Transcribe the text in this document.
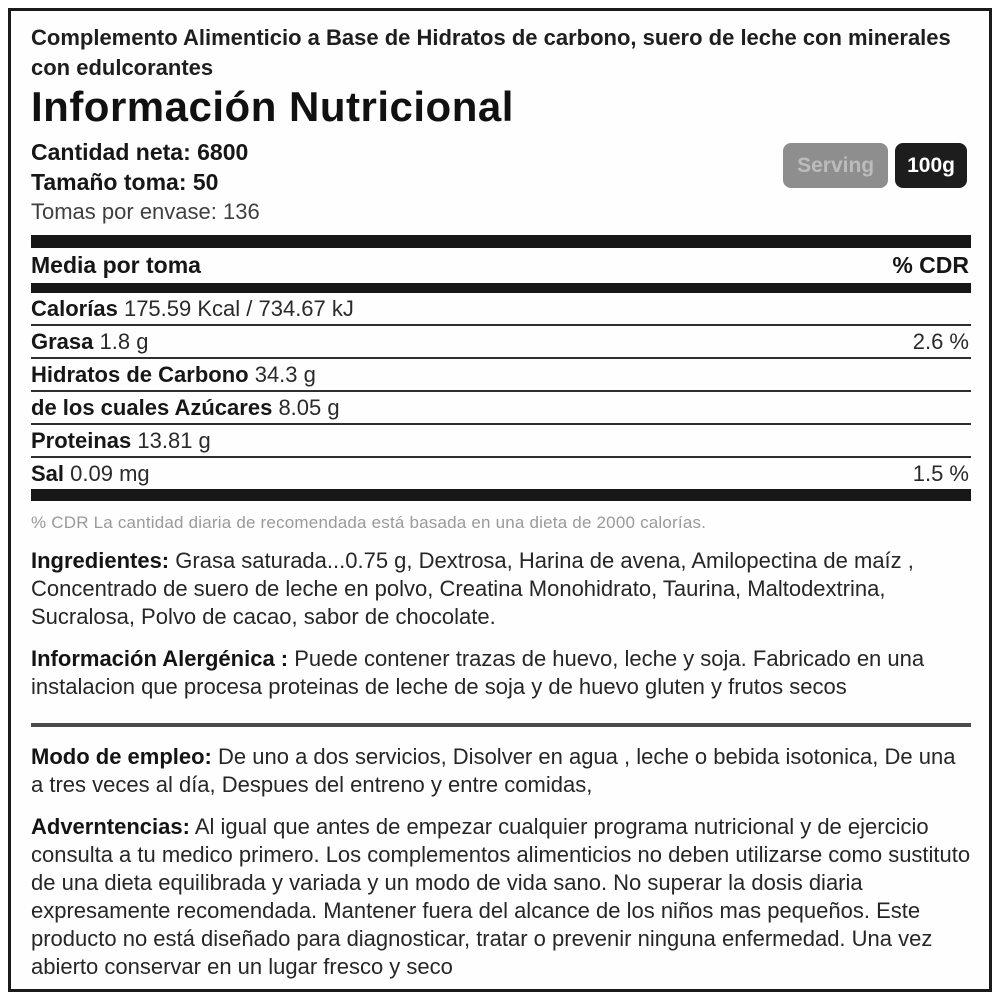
Complemento Alimenticio a Base de Hidratos de carbono, suero de leche con minerales con edulcorantes
Información Nutricional
Cantidad neta: 6800
Tamaño toma: 50
Tomas por envase: 136
Serving	100g
Media por toma	% CDR
Calorías 175.59 Kcal / 734.67 kJ
Grasa 1.8 g	2.6 %
Hidratos de Carbono 34.3 g
de los cuales Azúcares 8.05 g
Proteinas 13.81 g
Sal 0.09 mg	1.5 %
% CDR La cantidad diaria de recomendada está basada en una dieta de 2000 calorías.
Ingredientes: Grasa saturada...0.75 g, Dextrosa, Harina de avena, Amilopectina de maíz , Concentrado de suero de leche en polvo, Creatina Monohidrato, Taurina, Maltodextrina, Sucralosa, Polvo de cacao, sabor de chocolate.
Información Alergénica : Puede contener trazas de huevo, leche y soja. Fabricado en una instalacion que procesa proteinas de leche de soja y de huevo gluten y frutos secos
Modo de empleo: De uno a dos servicios, Disolver en agua , leche o bebida isotonica, De una a tres veces al día, Despues del entreno y entre comidas,
Adverntencias: Al igual que antes de empezar cualquier programa nutricional y de ejercicio consulta a tu medico primero. Los complementos alimenticios no deben utilizarse como sustituto de una dieta equilibrada y variada y un modo de vida sano. No superar la dosis diaria expresamente recomendada. Mantener fuera del alcance de los niños mas pequeños. Este producto no está diseñado para diagnosticar, tratar o prevenir ninguna enfermedad. Una vez abierto conservar en un lugar fresco y seco
